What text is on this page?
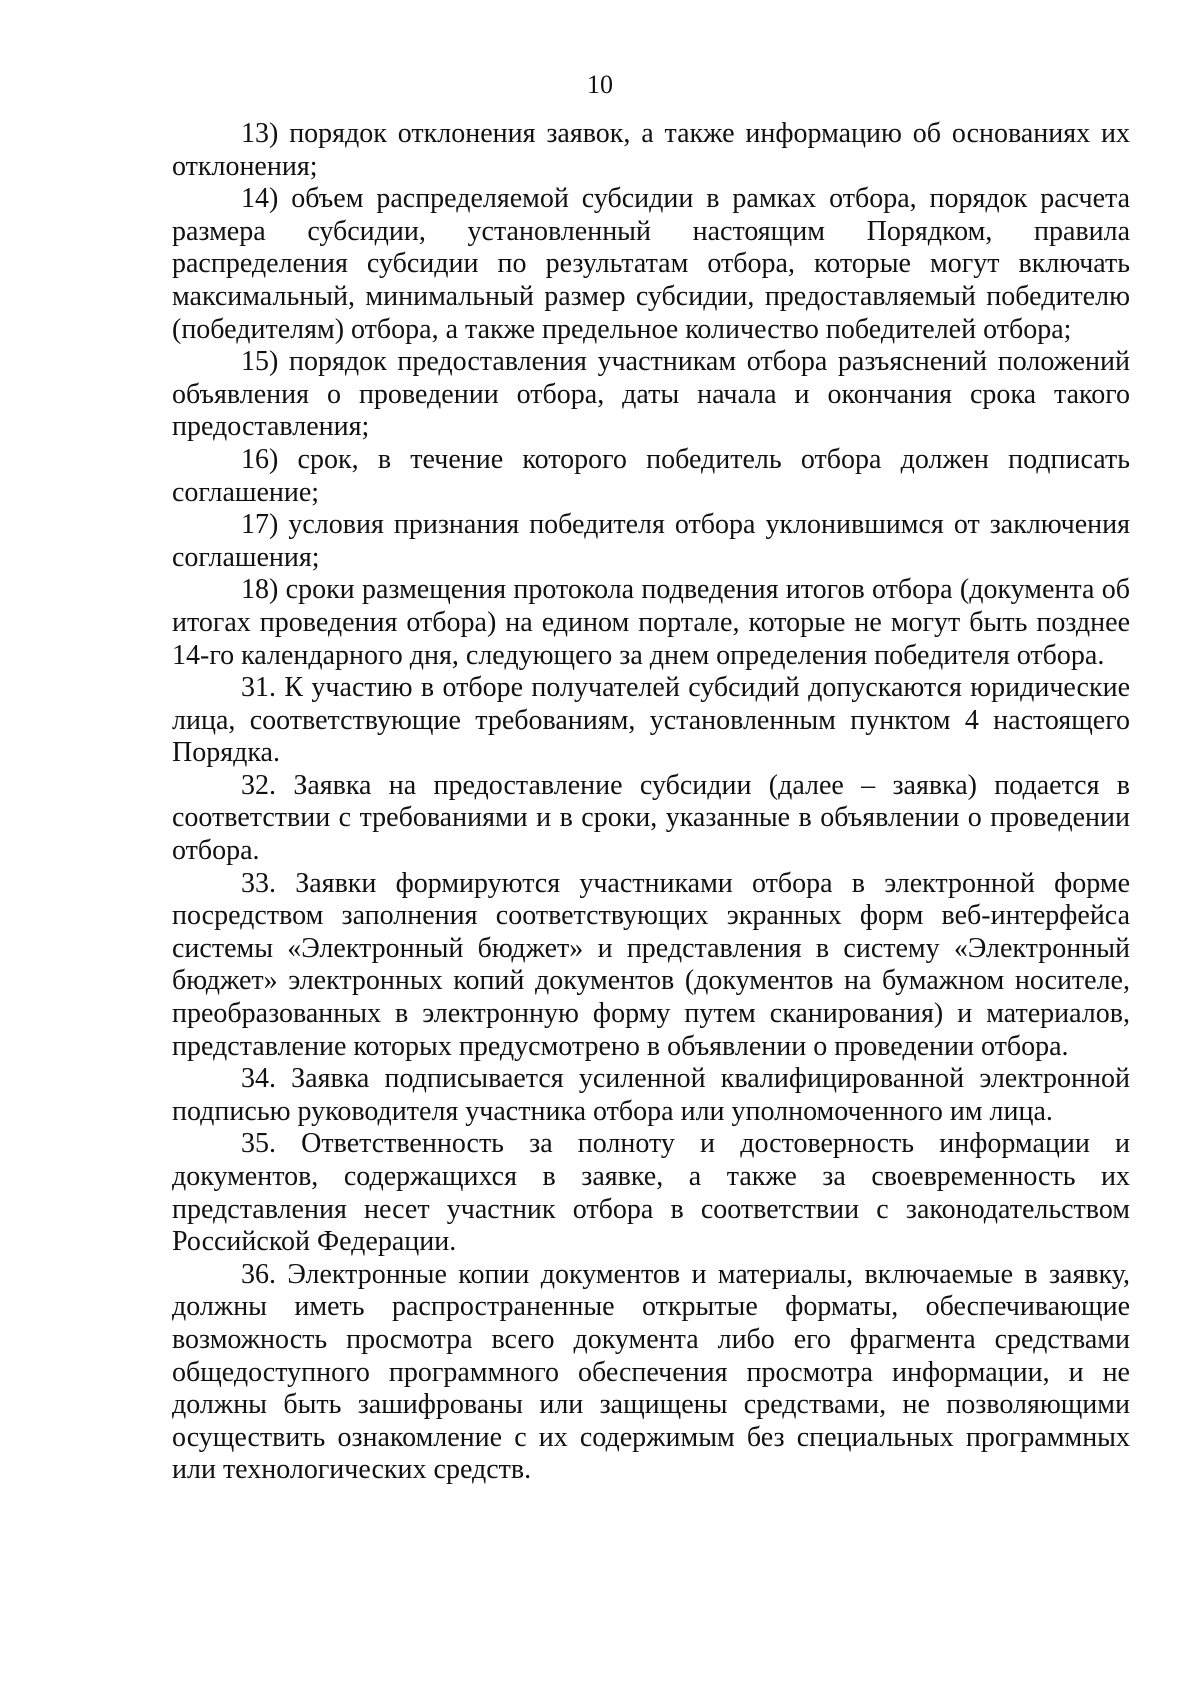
10

13) порядок отклонения заявок, а также информацию об основаниях их отклонения;

14) объем распределяемой субсидии в рамках отбора, порядок расчета размера субсидии, установленный настоящим Порядком, правила распределения субсидии по результатам отбора, которые могут включать максимальный, минимальный размер субсидии, предоставляемый победителю (победителям) отбора, а также предельное количество победителей отбора;

15) порядок предоставления участникам отбора разъяснений положений объявления о проведении отбора, даты начала и окончания срока такого предоставления;

16) срок, в течение которого победитель отбора должен подписать соглашение;

17) условия признания победителя отбора уклонившимся от заключения соглашения;

18) сроки размещения протокола подведения итогов отбора (документа об итогах проведения отбора) на едином портале, которые не могут быть позднее 14-го календарного дня, следующего за днем определения победителя отбора.

31. К участию в отборе получателей субсидий допускаются юридические лица, соответствующие требованиям, установленным пунктом 4 настоящего Порядка.

32. Заявка на предоставление субсидии (далее – заявка) подается в соответствии с требованиями и в сроки, указанные в объявлении о проведении отбора.

33. Заявки формируются участниками отбора в электронной форме посредством заполнения соответствующих экранных форм веб-интерфейса системы «Электронный бюджет» и представления в систему «Электронный бюджет» электронных копий документов (документов на бумажном носителе, преобразованных в электронную форму путем сканирования) и материалов, представление которых предусмотрено в объявлении о проведении отбора.

34. Заявка подписывается усиленной квалифицированной электронной подписью руководителя участника отбора или уполномоченного им лица.

35. Ответственность за полноту и достоверность информации и документов, содержащихся в заявке, а также за своевременность их представления несет участник отбора в соответствии с законодательством Российской Федерации.

36. Электронные копии документов и материалы, включаемые в заявку, должны иметь распространенные открытые форматы, обеспечивающие возможность просмотра всего документа либо его фрагмента средствами общедоступного программного обеспечения просмотра информации, и не должны быть зашифрованы или защищены средствами, не позволяющими осуществить ознакомление с их содержимым без специальных программных или технологических средств.
